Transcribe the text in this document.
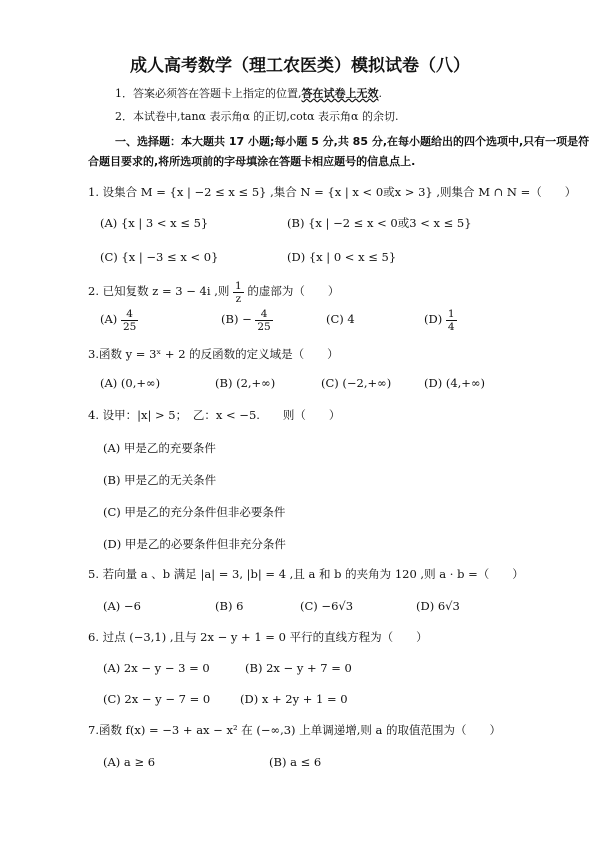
成人高考数学（理工农医类）模拟试卷（八）
1．答案必须答在答题卡上指定的位置,答在试卷上无效.
2．本试卷中,tanα 表示角α 的正切,cotα 表示角α 的余切.
一、选择题：本大题共 17 小题;每小题 5 分,共 85 分,在每小题给出的四个选项中,只有一项是符
合题目要求的,将所选项前的字母填涂在答题卡相应题号的信息点上.
1. 设集合 M = {x | −2 ≤ x ≤ 5} ,集合 N = {x | x < 0或x > 3} ,则集合 M ∩ N =（　　）
(A) {x | 3 < x ≤ 5}	(B) {x | −2 ≤ x < 0或3 < x ≤ 5}
(C) {x | −3 ≤ x < 0}	(D) {x | 0 < x ≤ 5}
2. 已知复数 z = 3 − 4i ,则 $\frac{1}{z}$ 的虚部为（　　）
$(A) \frac{4}{25}$	$(B) - \frac{4}{25}$	(C) 4	$(D) \frac{1}{4}$
3.函数 y = 3ˣ + 2 的反函数的定义域是（　　）
(A) (0,+∞)	(B) (2,+∞)	(C) (−2,+∞)	(D) (4,+∞)
4. 设甲：|x| > 5；　乙：x < −5.　　则（　　）
(A) 甲是乙的充要条件
(B) 甲是乙的无关条件
(C) 甲是乙的充分条件但非必要条件
(D) 甲是乙的必要条件但非充分条件
5. 若向量 a 、b 满足 |a| = 3, |b| = 4 ,且 a 和 b 的夹角为 120 ,则 a · b =（　　）
(A) −6	(B) 6	(C) −6√3	(D) 6√3
6. 过点 (−3,1) ,且与 2x − y + 1 = 0 平行的直线方程为（　　）
(A) 2x − y − 3 = 0	(B) 2x − y + 7 = 0
(C) 2x − y − 7 = 0	(D) x + 2y + 1 = 0
7.函数 f(x) = −3 + ax − x² 在 (−∞,3) 上单调递增,则 a 的取值范围为（　　）
(A) a ≥ 6	(B) a ≤ 6
